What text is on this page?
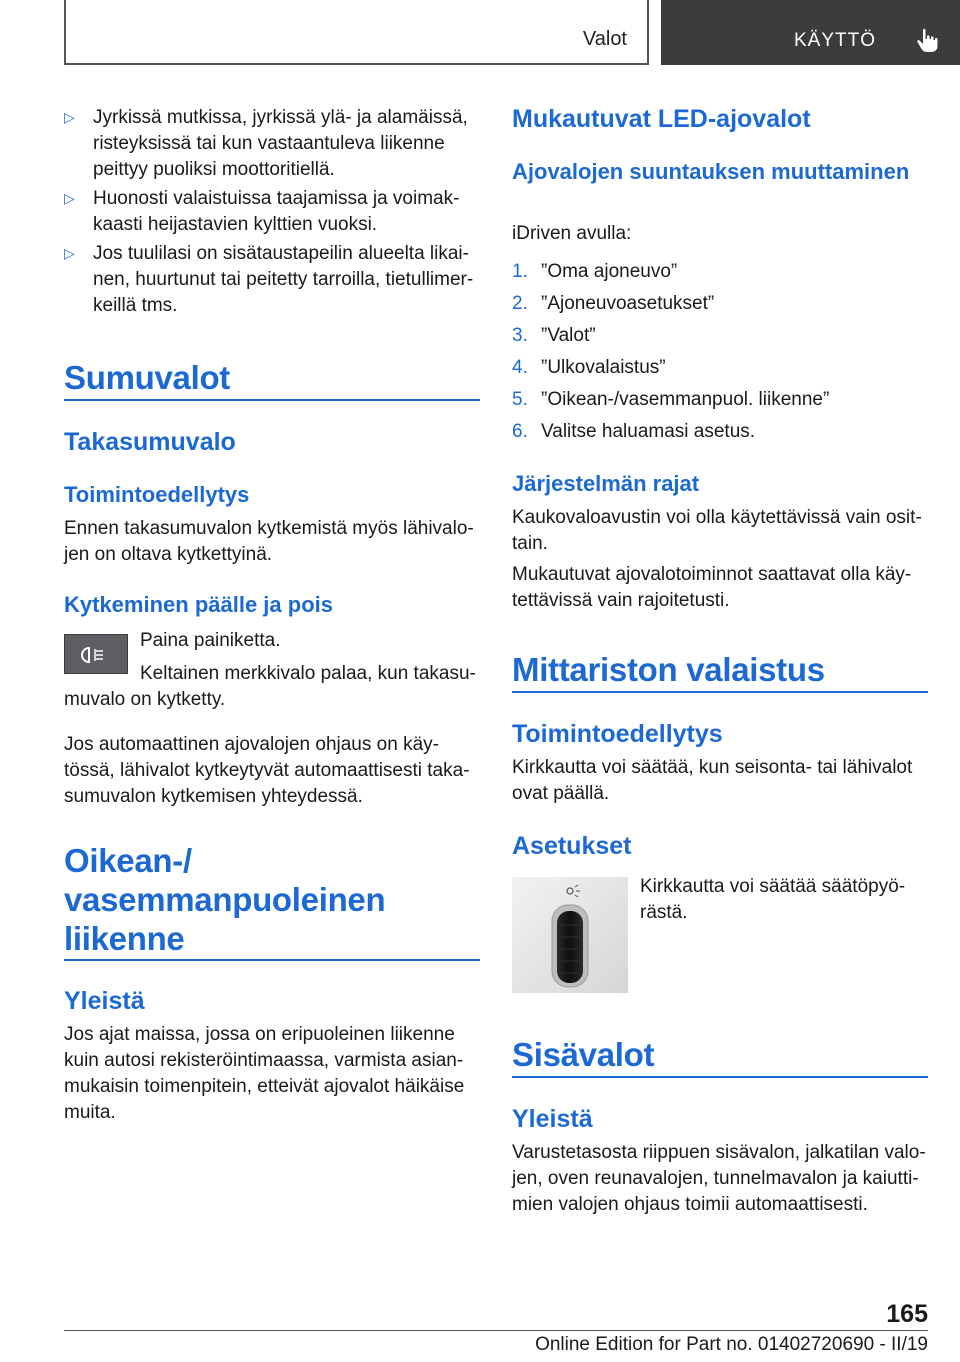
Valot	KÄYTTÖ
▷ Jyrkissä mutkissa, jyrkissä ylä- ja alamäissä, risteyksissä tai kun vastaantuleva liikenne peittyy puoliksi moottoritiellä.
▷ Huonosti valaistuissa taajamissa ja voimakkaasti heijastavien kylttien vuoksi.
▷ Jos tuulilasi on sisätaustapeilin alueelta likainen, huurtunut tai peitetty tarroilla, tietullimerkeillä tms.
Sumuvalot
Takasumuvalo
Toimintoedellytys
Ennen takasumuvalon kytkemistä myös lähivalojen on oltava kytkettyinä.
Kytkeminen päälle ja pois
Paina painiketta.
Keltainen merkkivalo palaa, kun takasumuvalo on kytketty.
Jos automaattinen ajovalojen ohjaus on käytössä, lähivalot kytkeytyvät automaattisesti takasumuvalon kytkemisen yhteydessä.
Oikean-/
vasemmanpuoleinen
liikenne
Yleistä
Jos ajat maissa, jossa on eripuoleinen liikenne kuin autosi rekisteröintimaassa, varmista asianmukaisin toimenpitein, etteivät ajovalot häikäise muita.
Mukautuvat LED-ajovalot
Ajovalojen suuntauksen muuttaminen
iDriven avulla:
1. ”Oma ajoneuvo”
2. ”Ajoneuvoasetukset”
3. ”Valot”
4. ”Ulkovalaistus”
5. ”Oikean-/vasemmanpuol. liikenne”
6. Valitse haluamasi asetus.
Järjestelmän rajat
Kaukovaloavustin voi olla käytettävissä vain osittain.
Mukautuvat ajovalotoiminnot saattavat olla käytettävissä vain rajoitetusti.
Mittariston valaistus
Toimintoedellytys
Kirkkautta voi säätää, kun seisonta- tai lähivalot ovat päällä.
Asetukset
Kirkkautta voi säätää säätöpyörästä.
Sisävalot
Yleistä
Varustetasosta riippuen sisävalon, jalkatilan valojen, oven reunavalojen, tunnelmavalon ja kaiuttimien valojen ohjaus toimii automaattisesti.
165
Online Edition for Part no. 01402720690 - II/19
